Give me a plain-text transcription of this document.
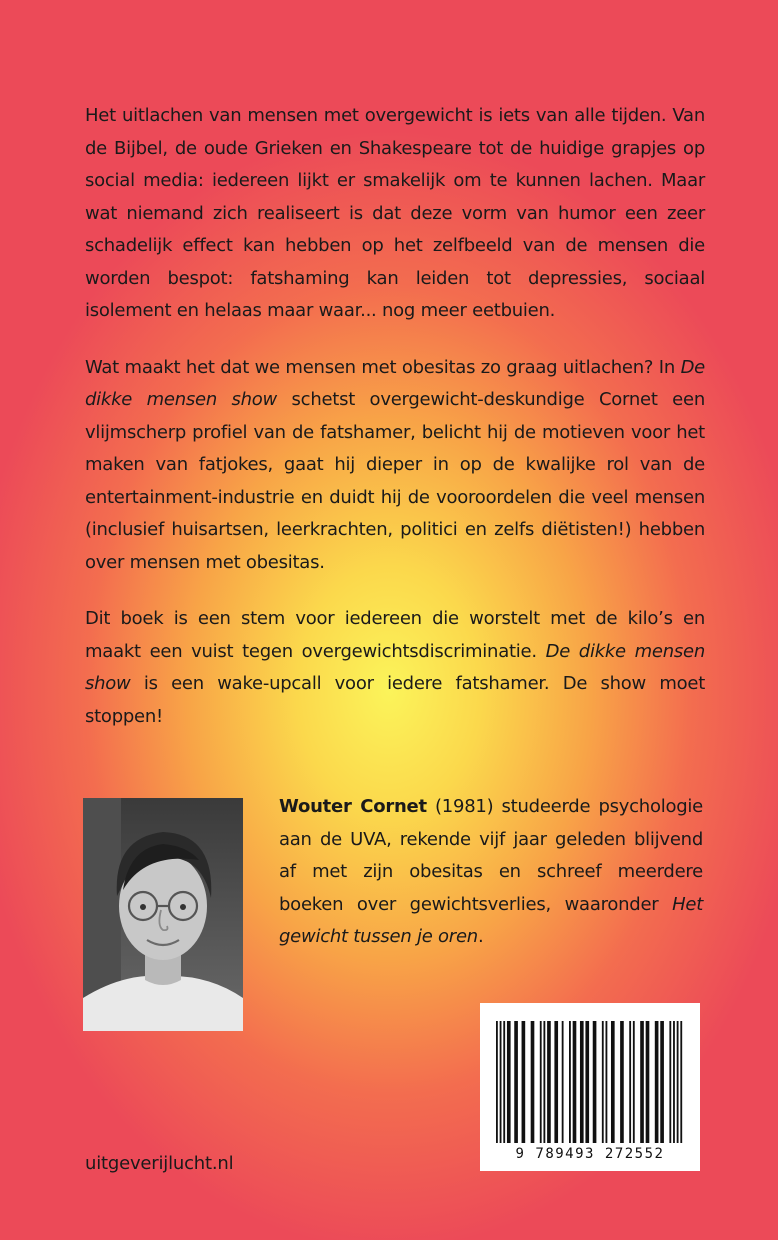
Het uitlachen van mensen met overgewicht is iets van alle tijden. Van de Bijbel, de oude Grieken en Shakespeare tot de huidige grapjes op social media: iedereen lijkt er smakelijk om te kunnen lachen. Maar wat niemand zich realiseert is dat deze vorm van humor een zeer schadelijk effect kan hebben op het zelfbeeld van de mensen die worden bespot: fatshaming kan leiden tot depressies, sociaal isolement en helaas maar waar... nog meer eetbuien.

Wat maakt het dat we mensen met obesitas zo graag uitlachen? In De dikke mensen show schetst overgewicht-deskundige Cornet een vlijmscherp profiel van de fatshamer, belicht hij de motieven voor het maken van fatjokes, gaat hij dieper in op de kwalijke rol van de entertainment-industrie en duidt hij de vooroordelen die veel mensen (inclusief huisartsen, leerkrachten, politici en zelfs diëtisten!) hebben over mensen met obesitas.

Dit boek is een stem voor iedereen die worstelt met de kilo’s en maakt een vuist tegen overgewichtsdiscriminatie. De dikke mensen show is een wake-upcall voor iedere fatshamer. De show moet stoppen!

Wouter Cornet (1981) studeerde psychologie aan de UVA, rekende vijf jaar geleden blijvend af met zijn obesitas en schreef meerdere boeken over gewichtsverlies, waaronder Het gewicht tussen je oren.
9 789493 272552
uitgeverijlucht.nl
